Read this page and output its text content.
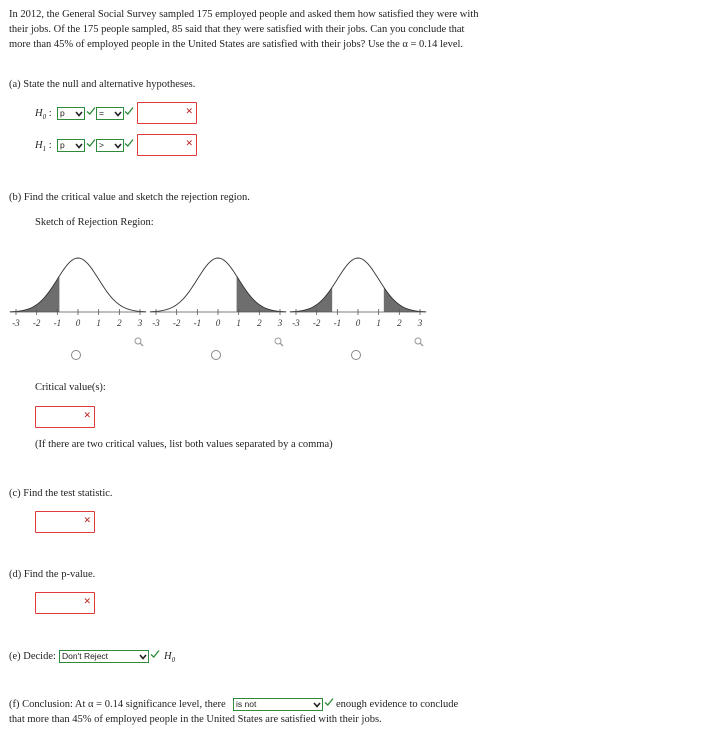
In 2012, the General Social Survey sampled 175 employed people and asked them how satisfied they were with their jobs. Of the 175 people sampled, 85 said that they were satisfied with their jobs. Can you conclude that more than 45% of employed people in the United States are satisfied with their jobs? Use the α = 0.14 level.
(a) State the null and alternative hypotheses.
$H_0$ : p	=	✕
$H_1$ : p	>	✕
(b) Find the critical value and sketch the rejection region.
Sketch of Rejection Region:
-3 -2 -1 0 1 2 3 -3 -2 -1 0 1 2 3 -3 -2 -1 0 1 2 3
Critical value(s):
✕
(If there are two critical values, list both values separated by a comma)
(c) Find the test statistic.
✕
(d) Find the p-value.
✕
(e) Decide: Don't Reject	$H_0$
(f) Conclusion: At α = 0.14 significance level, there	is not	enough evidence to conclude
that more than 45% of employed people in the United States are satisfied with their jobs.
